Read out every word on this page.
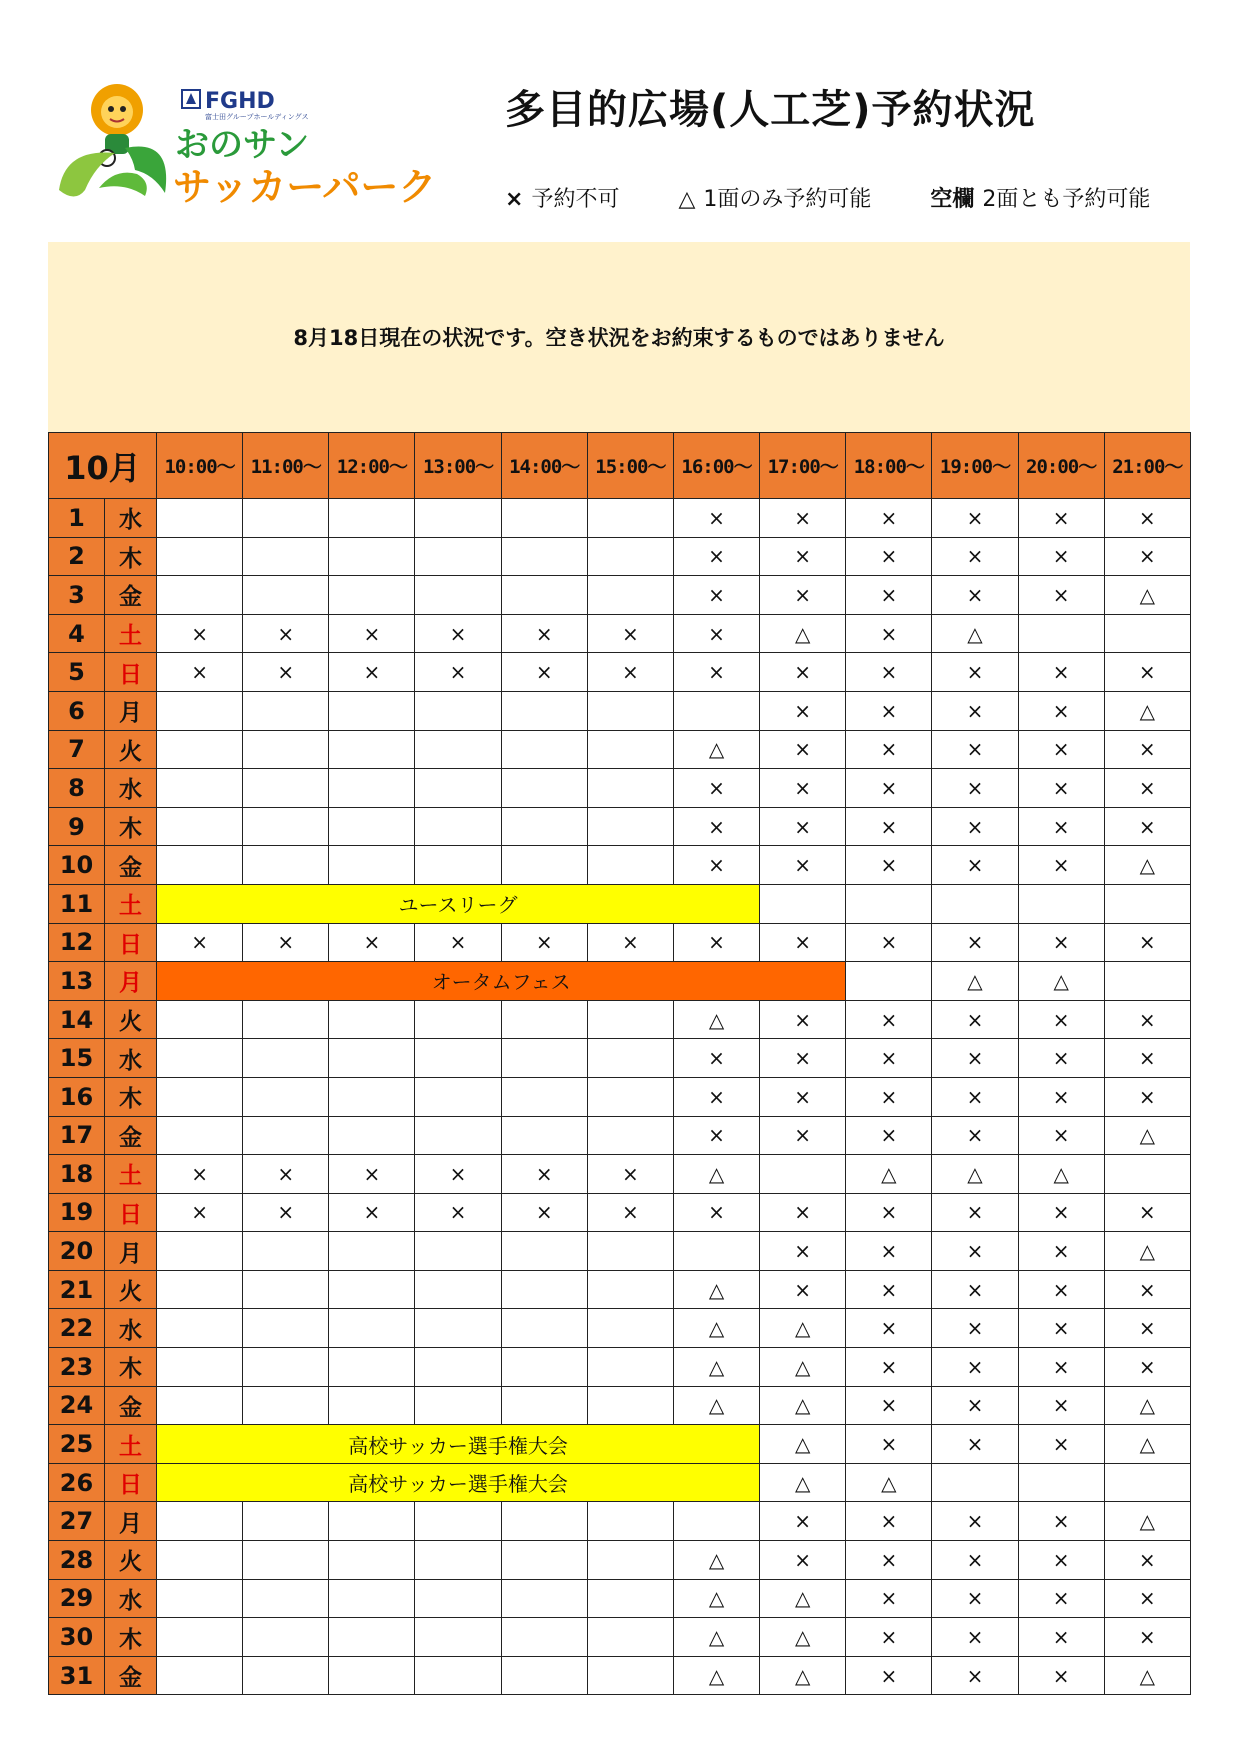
FGHD
富士田グループホールディングス
おのサン
サッカーパーク
多目的広場(人工芝)予約状況
× 予約不可	△ 1面のみ予約可能	空欄 2面とも予約可能
8月18日現在の状況です。空き状況をお約束するものではありません
10月		10:00～	11:00～	12:00～	13:00～	14:00～	15:00～	16:00～	17:00～	18:00～	19:00～	20:00～	21:00～
1	水							×	×	×	×	×	×
2	木							×	×	×	×	×	×
3	金							×	×	×	×	×	△
4	土	×	×	×	×	×	×	×	△	×	△		
5	日	×	×	×	×	×	×	×	×	×	×	×	×
6	月								×	×	×	×	△
7	火							△	×	×	×	×	×
8	水							×	×	×	×	×	×
9	木							×	×	×	×	×	×
10	金							×	×	×	×	×	△
11	土	ユースリーグ											
12	日	×	×	×	×	×	×	×	×	×	×	×	×
13	月	オータムフェス									△	△	
14	火							△	×	×	×	×	×
15	水							×	×	×	×	×	×
16	木							×	×	×	×	×	×
17	金							×	×	×	×	×	△
18	土	×	×	×	×	×	×	△		△	△	△	
19	日	×	×	×	×	×	×	×	×	×	×	×	×
20	月								×	×	×	×	△
21	火							△	×	×	×	×	×
22	水							△	△	×	×	×	×
23	木							△	△	×	×	×	×
24	金							△	△	×	×	×	△
25	土	高校サッカー選手権大会							△	×	×	×	△
26	日	高校サッカー選手権大会							△	△			
27	月								×	×	×	×	△
28	火							△	×	×	×	×	×
29	水							△	△	×	×	×	×
30	木							△	△	×	×	×	×
31	金							△	△	×	×	×	△
